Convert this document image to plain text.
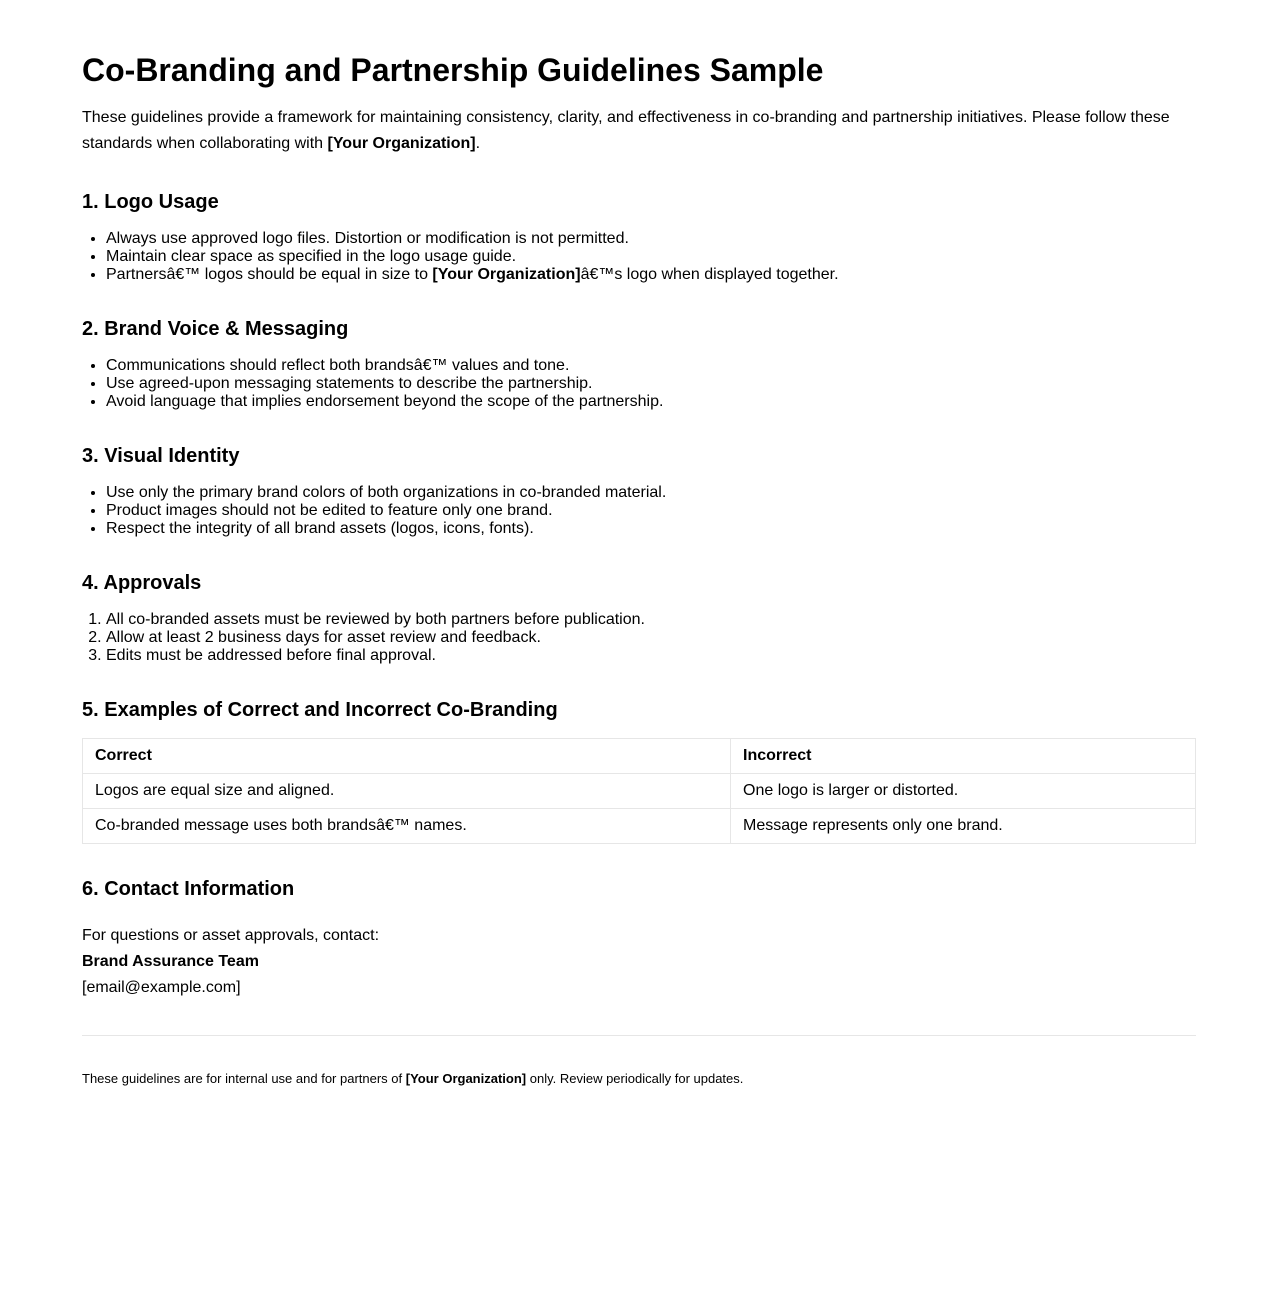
Co-Branding and Partnership Guidelines Sample

These guidelines provide a framework for maintaining consistency, clarity, and effectiveness in co-branding and partnership initiatives. Please follow these standards when collaborating with [Your Organization].

1. Logo Usage
• Always use approved logo files. Distortion or modification is not permitted.
• Maintain clear space as specified in the logo usage guide.
• Partnersâ€™ logos should be equal in size to [Your Organization]â€™s logo when displayed together.
2. Brand Voice & Messaging
• Communications should reflect both brandsâ€™ values and tone.
• Use agreed-upon messaging statements to describe the partnership.
• Avoid language that implies endorsement beyond the scope of the partnership.
3. Visual Identity
• Use only the primary brand colors of both organizations in co-branded material.
• Product images should not be edited to feature only one brand.
• Respect the integrity of all brand assets (logos, icons, fonts).
4. Approvals
1. All co-branded assets must be reviewed by both partners before publication.
2. Allow at least 2 business days for asset review and feedback.
3. Edits must be addressed before final approval.
5. Examples of Correct and Incorrect Co-Branding
Correct	Incorrect
Logos are equal size and aligned.	One logo is larger or distorted.
Co-branded message uses both brandsâ€™ names.	Message represents only one brand.
6. Contact Information

For questions or asset approvals, contact:

Brand Assurance Team

[email@example.com]

These guidelines are for internal use and for partners of [Your Organization] only. Review periodically for updates.
